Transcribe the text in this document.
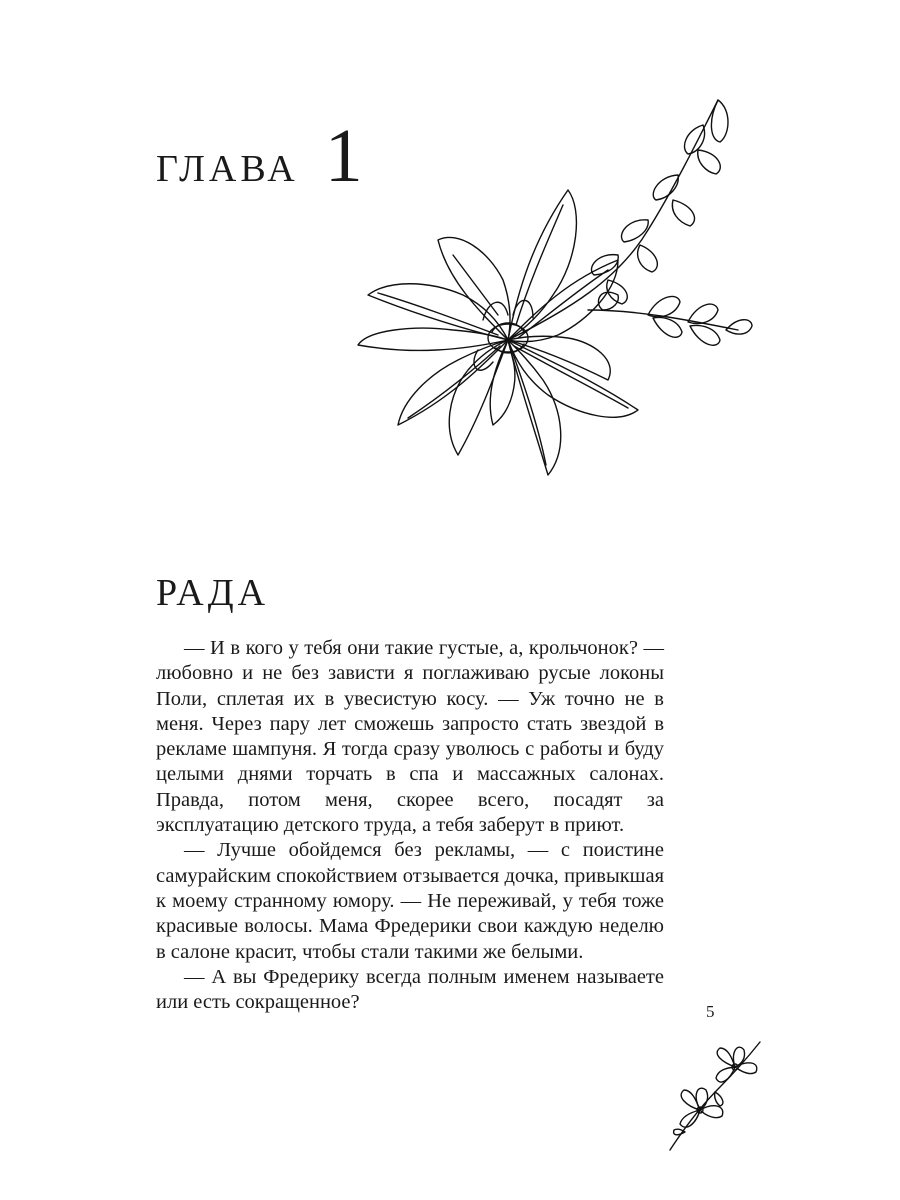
ГЛАВА 1
РАДА

— И в кого у тебя они такие густые, а, крольчонок? — любовно и не без зависти я поглаживаю русые локоны Поли, сплетая их в увесистую косу. — Уж точно не в меня. Через пару лет сможешь запросто стать звездой в рекламе шампуня. Я тогда сразу уволюсь с работы и буду целыми днями торчать в спа и массажных салонах. Правда, потом меня, скорее всего, посадят за эксплуатацию детского труда, а тебя заберут в приют.

— Лучше обойдемся без рекламы, — с поистине самурайским спокойствием отзывается дочка, привыкшая к моему странному юмору. — Не переживай, у тебя тоже красивые волосы. Мама Фредерики свои каждую неделю в салоне красит, чтобы стали такими же белыми.

— А вы Фредерику всегда полным именем называете или есть сокращенное?	5
